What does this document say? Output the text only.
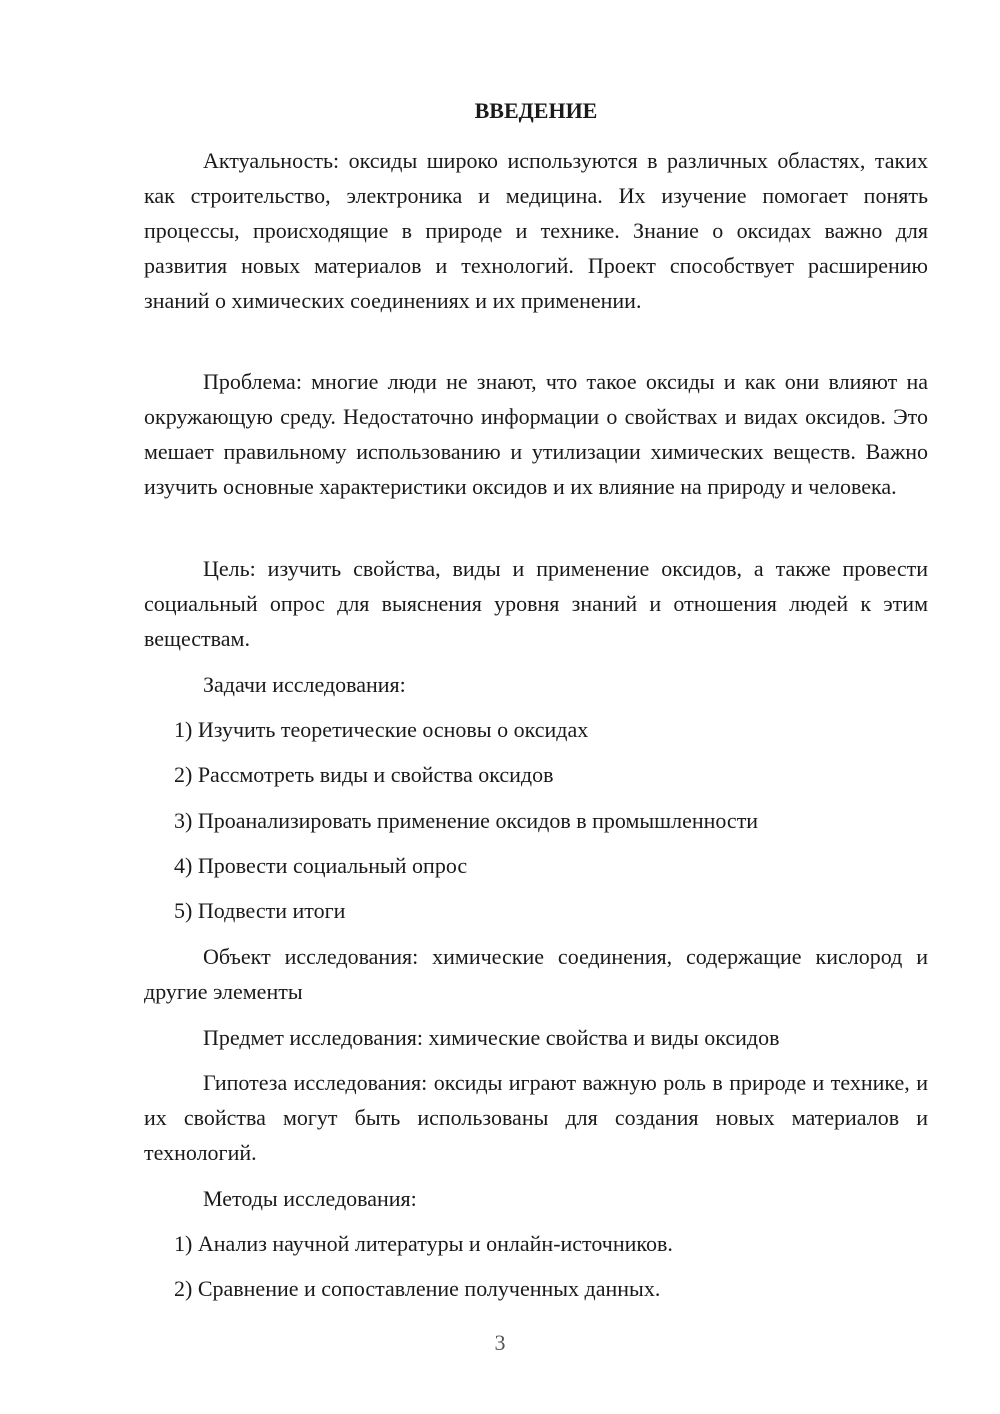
ВВЕДЕНИЕ

Актуальность: оксиды широко используются в различных областях, таких как строительство, электроника и медицина. Их изучение помогает понять процессы, происходящие в природе и технике. Знание о оксидах важно для развития новых материалов и технологий. Проект способствует расширению знаний о химических соединениях и их применении.

Проблема: многие люди не знают, что такое оксиды и как они влияют на окружающую среду. Недостаточно информации о свойствах и видах оксидов. Это мешает правильному использованию и утилизации химических веществ. Важно изучить основные характеристики оксидов и их влияние на природу и человека.

Цель: изучить свойства, виды и применение оксидов, а также провести социальный опрос для выяснения уровня знаний и отношения людей к этим веществам.

Задачи исследования:

1) Изучить теоретические основы о оксидах

2) Рассмотреть виды и свойства оксидов

3) Проанализировать применение оксидов в промышленности

4) Провести социальный опрос

5) Подвести итоги

Объект исследования: химические соединения, содержащие кислород и другие элементы

Предмет исследования: химические свойства и виды оксидов

Гипотеза исследования: оксиды играют важную роль в природе и технике, и их свойства могут быть использованы для создания новых материалов и технологий.

Методы исследования:

1) Анализ научной литературы и онлайн-источников.

2) Сравнение и сопоставление полученных данных.

3
